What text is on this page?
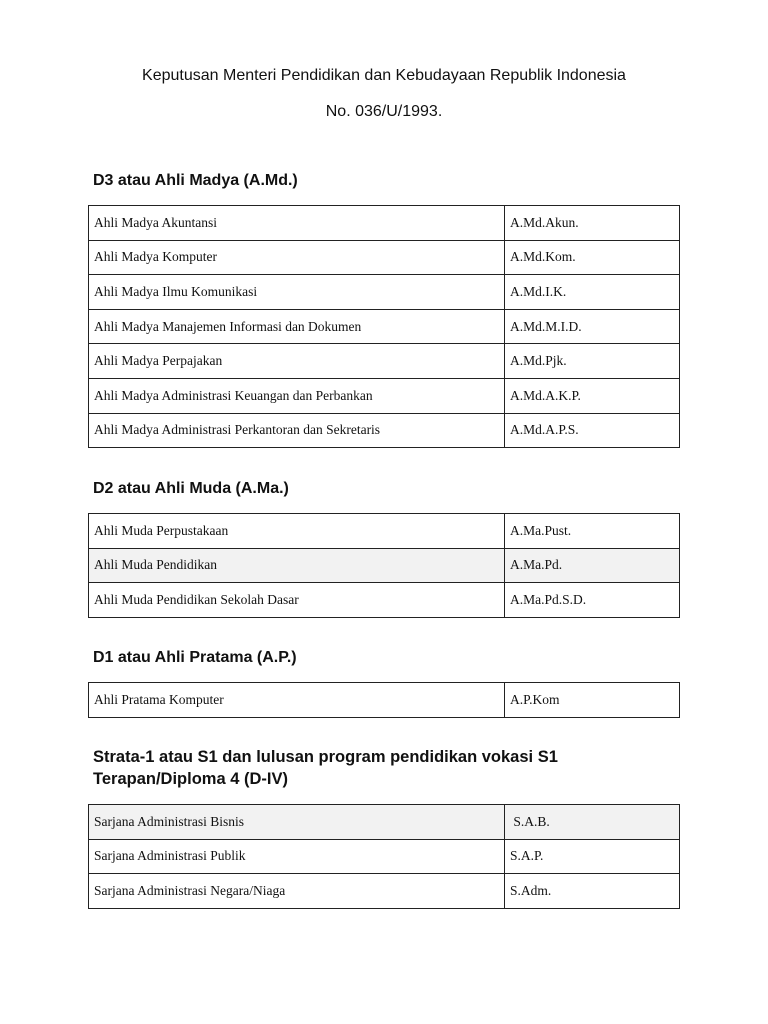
Keputusan Menteri Pendidikan dan Kebudayaan Republik Indonesia
No. 036/U/1993.
D3 atau Ahli Madya (A.Md.)
Ahli Madya Akuntansi	A.Md.Akun.
Ahli Madya Komputer	A.Md.Kom.
Ahli Madya Ilmu Komunikasi	A.Md.I.K.
Ahli Madya Manajemen Informasi dan Dokumen	A.Md.M.I.D.
Ahli Madya Perpajakan	A.Md.Pjk.
Ahli Madya Administrasi Keuangan dan Perbankan	A.Md.A.K.P.
Ahli Madya Administrasi Perkantoran dan Sekretaris	A.Md.A.P.S.
D2 atau Ahli Muda (A.Ma.)
Ahli Muda Perpustakaan	A.Ma.Pust.
Ahli Muda Pendidikan	A.Ma.Pd.
Ahli Muda Pendidikan Sekolah Dasar	A.Ma.Pd.S.D.
D1 atau Ahli Pratama (A.P.)
Ahli Pratama Komputer	A.P.Kom
Strata-1 atau S1 dan lulusan program pendidikan vokasi S1 Terapan/Diploma 4 (D-IV)
Sarjana Administrasi Bisnis	S.A.B.
Sarjana Administrasi Publik	S.A.P.
Sarjana Administrasi Negara/Niaga	S.Adm.
